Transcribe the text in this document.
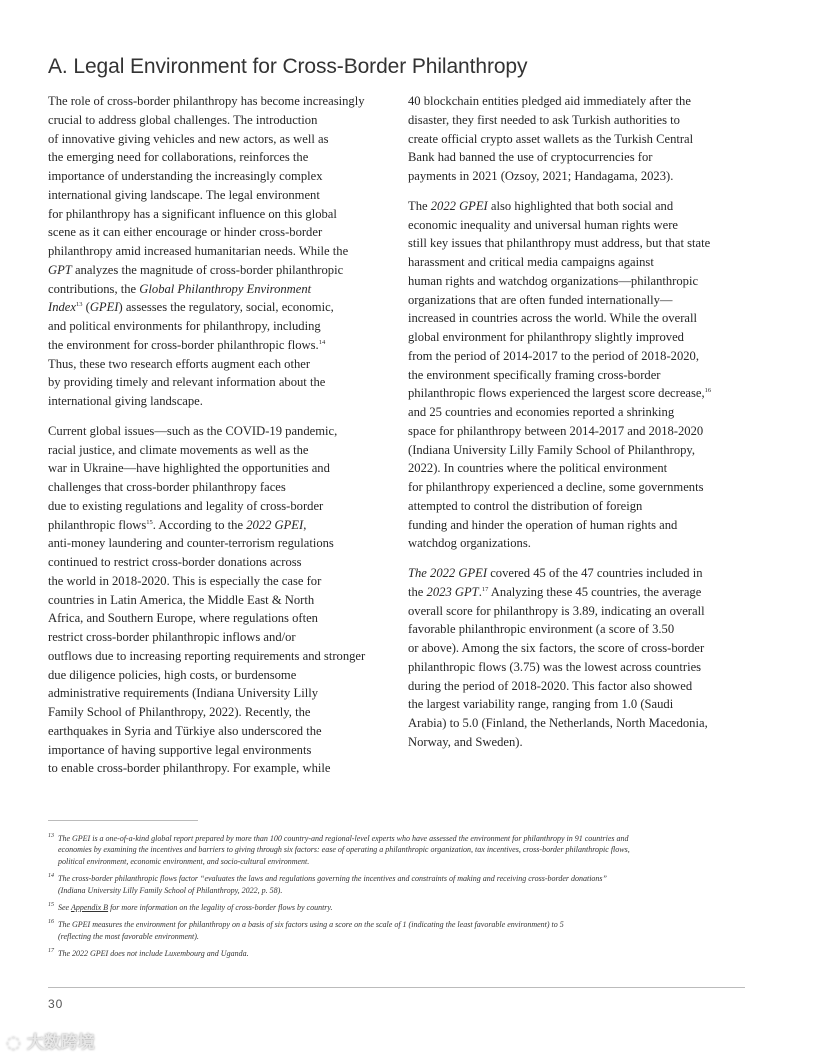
A. Legal Environment for Cross-Border Philanthropy
The role of cross-border philanthropy has become increasingly
crucial to address global challenges. The introduction
of innovative giving vehicles and new actors, as well as
the emerging need for collaborations, reinforces the
importance of understanding the increasingly complex
international giving landscape. The legal environment
for philanthropy has a significant influence on this global
scene as it can either encourage or hinder cross-border
philanthropy amid increased humanitarian needs. While the
GPT analyzes the magnitude of cross-border philanthropic
contributions, the Global Philanthropy Environment
Index$^{13}$ (GPEI) assesses the regulatory, social, economic,
and political environments for philanthropy, including
the environment for cross-border philanthropic flows.$^{14}$
Thus, these two research efforts augment each other
by providing timely and relevant information about the
international giving landscape.
Current global issues—such as the COVID-19 pandemic,
racial justice, and climate movements as well as the
war in Ukraine—have highlighted the opportunities and
challenges that cross-border philanthropy faces
due to existing regulations and legality of cross-border
philanthropic flows$^{15}$. According to the 2022 GPEI,
anti-money laundering and counter-terrorism regulations
continued to restrict cross-border donations across
the world in 2018-2020. This is especially the case for
countries in Latin America, the Middle East & North
Africa, and Southern Europe, where regulations often
restrict cross-border philanthropic inflows and/or
outflows due to increasing reporting requirements and stronger
due diligence policies, high costs, or burdensome
administrative requirements (Indiana University Lilly
Family School of Philanthropy, 2022). Recently, the
earthquakes in Syria and Türkiye also underscored the
importance of having supportive legal environments
to enable cross-border philanthropy. For example, while
40 blockchain entities pledged aid immediately after the
disaster, they first needed to ask Turkish authorities to
create official crypto asset wallets as the Turkish Central
Bank had banned the use of cryptocurrencies for
payments in 2021 (Ozsoy, 2021; Handagama, 2023).
The 2022 GPEI also highlighted that both social and
economic inequality and universal human rights were
still key issues that philanthropy must address, but that state
harassment and critical media campaigns against
human rights and watchdog organizations—philanthropic
organizations that are often funded internationally—
increased in countries across the world. While the overall
global environment for philanthropy slightly improved
from the period of 2014-2017 to the period of 2018-2020,
the environment specifically framing cross-border
philanthropic flows experienced the largest score decrease,$^{16}$
and 25 countries and economies reported a shrinking
space for philanthropy between 2014-2017 and 2018-2020
(Indiana University Lilly Family School of Philanthropy,
2022). In countries where the political environment
for philanthropy experienced a decline, some governments
attempted to control the distribution of foreign
funding and hinder the operation of human rights and
watchdog organizations.
The 2022 GPEI covered 45 of the 47 countries included in
the 2023 GPT.$^{17}$ Analyzing these 45 countries, the average
overall score for philanthropy is 3.89, indicating an overall
favorable philanthropic environment (a score of 3.50
or above). Among the six factors, the score of cross-border
philanthropic flows (3.75) was the lowest across countries
during the period of 2018-2020. This factor also showed
the largest variability range, ranging from 1.0 (Saudi
Arabia) to 5.0 (Finland, the Netherlands, North Macedonia,
Norway, and Sweden).
13 The GPEI is a one-of-a-kind global report prepared by more than 100 country-and regional-level experts who have assessed the environment for philanthropy in 91 countries and
economies by examining the incentives and barriers to giving through six factors: ease of operating a philanthropic organization, tax incentives, cross-border philanthropic flows,
political environment, economic environment, and socio-cultural environment.
14 The cross-border philanthropic flows factor “evaluates the laws and regulations governing the incentives and constraints of making and receiving cross-border donations”
(Indiana University Lilly Family School of Philanthropy, 2022, p. 58).
15 See Appendix B for more information on the legality of cross-border flows by country.
16 The GPEI measures the environment for philanthropy on a basis of six factors using a score on the scale of 1 (indicating the least favorable environment) to 5
(reflecting the most favorable environment).
17 The 2022 GPEI does not include Luxembourg and Uganda.
30
◌ 大数跨境
